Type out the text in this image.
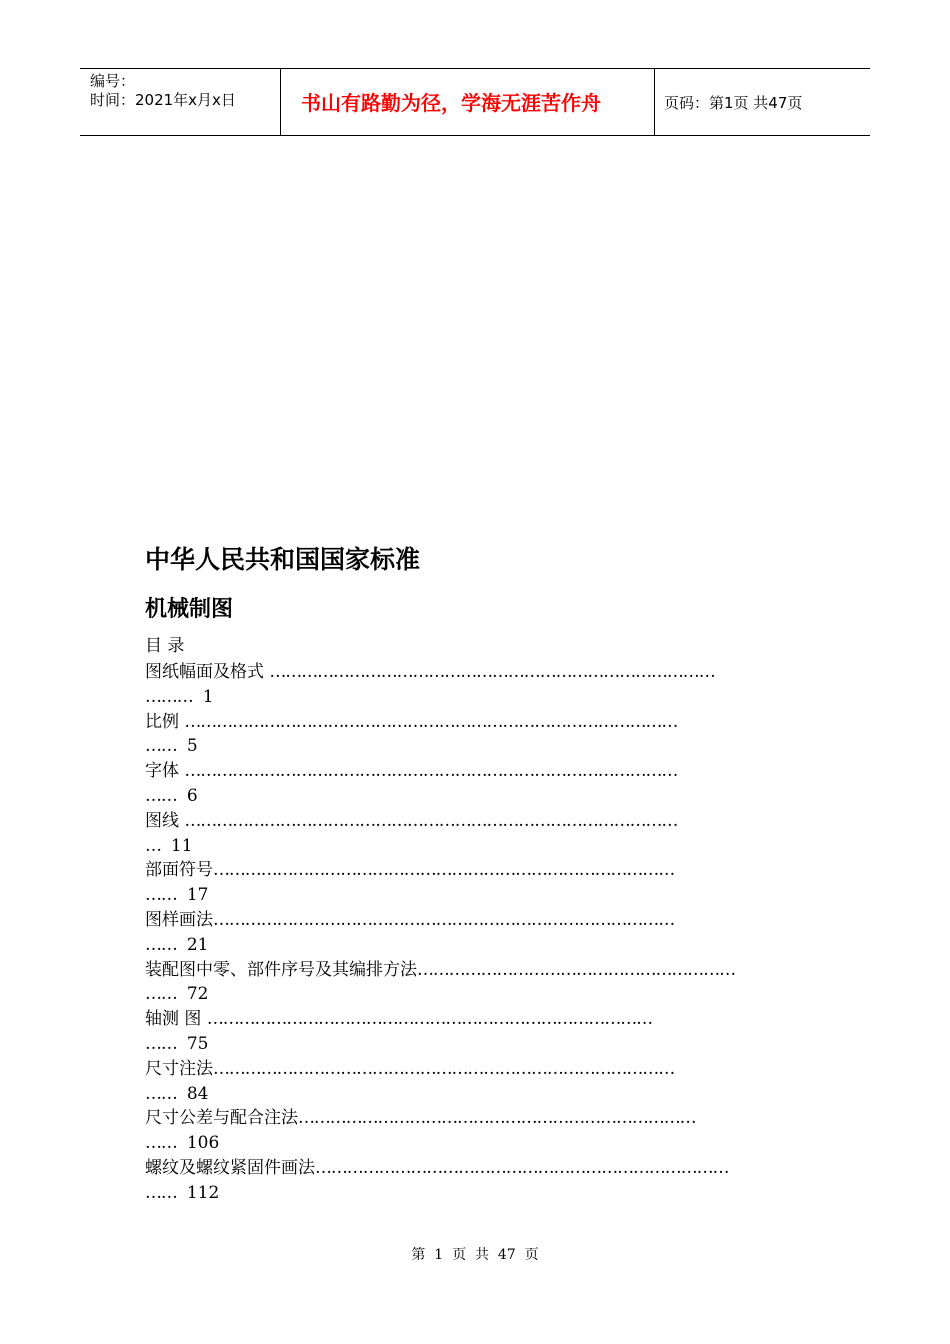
编号：
时间：2021年x月x日	书山有路勤为径，学海无涯苦作舟	页码：第1页 共47页
中华人民共和国国家标准
机械制图
目 录
图纸幅面及格式 …………………………………………………………………………
……… 1
比例 …………………………………………………………………………………
…… 5
字体 …………………………………………………………………………………
…… 6
图线 …………………………………………………………………………………
… 11
部面符号……………………………………………………………………………
…… 17
图样画法……………………………………………………………………………
…… 21
装配图中零、部件序号及其编排方法……………………………………………………
…… 72
轴测 图 …………………………………………………………………………
…… 75
尺寸注法……………………………………………………………………………
…… 84
尺寸公差与配合注法…………………………………………………………………
…… 106
螺纹及螺纹紧固件画法……………………………………………………………………
…… 112
第  1  页  共  47  页
